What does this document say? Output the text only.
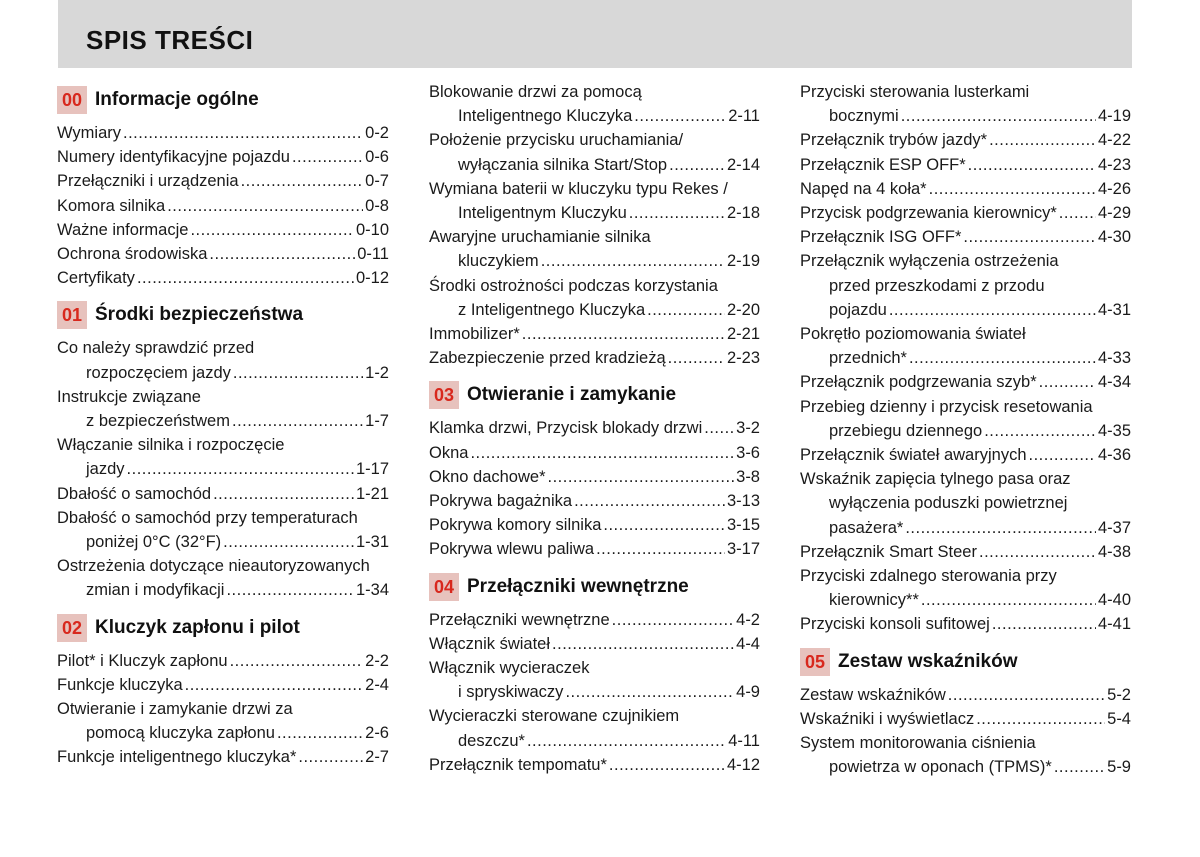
SPIS TREŚCI
00 Informacje ogólne
Wymiary .....	0-2
Numery identyfikacyjne pojazdu .....	0-6
Przełączniki i urządzenia .....	0-7
Komora silnika .....	0-8
Ważne informacje .....	0-10
Ochrona środowiska .....	0-11
Certyfikaty .....	0-12
01 Środki bezpieczeństwa
Co należy sprawdzić przed
rozpoczęciem jazdy .....	1-2
Instrukcje związane
z bezpieczeństwem .....	1-7
Włączanie silnika i rozpoczęcie
jazdy .....	1-17
Dbałość o samochód .....	1-21
Dbałość o samochód przy temperaturach
poniżej 0°C (32°F) .....	1-31
Ostrzeżenia dotyczące nieautoryzowanych
zmian i modyfikacji .....	1-34
02 Kluczyk zapłonu i pilot
Pilot* i Kluczyk zapłonu .....	2-2
Funkcje kluczyka .....	2-4
Otwieranie i zamykanie drzwi za
pomocą kluczyka zapłonu .....	2-6
Funkcje inteligentnego kluczyka* .....	2-7
Blokowanie drzwi za pomocą
Inteligentnego Kluczyka .....	2-11
Położenie przycisku uruchamiania/
wyłączania silnika Start/Stop .....	2-14
Wymiana baterii w kluczyku typu Rekes /
Inteligentnym Kluczyku .....	2-18
Awaryjne uruchamianie silnika
kluczykiem .....	2-19
Środki ostrożności podczas korzystania
z Inteligentnego Kluczyka .....	2-20
Immobilizer* .....	2-21
Zabezpieczenie przed kradzieżą .....	2-23
03 Otwieranie i zamykanie
Klamka drzwi, Przycisk blokady drzwi ..... 3-2
Okna .....	3-6
Okno dachowe* .....	3-8
Pokrywa bagażnika .....	3-13
Pokrywa komory silnika .....	3-15
Pokrywa wlewu paliwa .....	3-17
04 Przełączniki wewnętrzne
Przełączniki wewnętrzne .....	4-2
Włącznik świateł .....	4-4
Włącznik wycieraczek
i spryskiwaczy .....	4-9
Wycieraczki sterowane czujnikiem
deszczu* .....	4-11
Przełącznik tempomatu* .....	4-12
Przyciski sterowania lusterkami
bocznymi .....	4-19
Przełącznik trybów jazdy* .....	4-22
Przełącznik ESP OFF* .....	4-23
Napęd na 4 koła* .....	4-26
Przycisk podgrzewania kierownicy* ..... 4-29
Przełącznik ISG OFF* .....	4-30
Przełącznik wyłączenia ostrzeżenia
przed przeszkodami z przodu
pojazdu .....	4-31
Pokrętło poziomowania świateł
przednich* .....	4-33
Przełącznik podgrzewania szyb* .....	4-34
Przebieg dzienny i przycisk resetowania
przebiegu dziennego .....	4-35
Przełącznik świateł awaryjnych .....	4-36
Wskaźnik zapięcia tylnego pasa oraz
wyłączenia poduszki powietrznej
pasażera* .....	4-37
Przełącznik Smart Steer .....	4-38
Przyciski zdalnego sterowania przy
kierownicy** .....	4-40
Przyciski konsoli sufitowej .....	4-41
05 Zestaw wskaźników
Zestaw wskaźników .....	5-2
Wskaźniki i wyświetlacz .....	5-4
System monitorowania ciśnienia
powietrza w oponach (TPMS)* .....	5-9
